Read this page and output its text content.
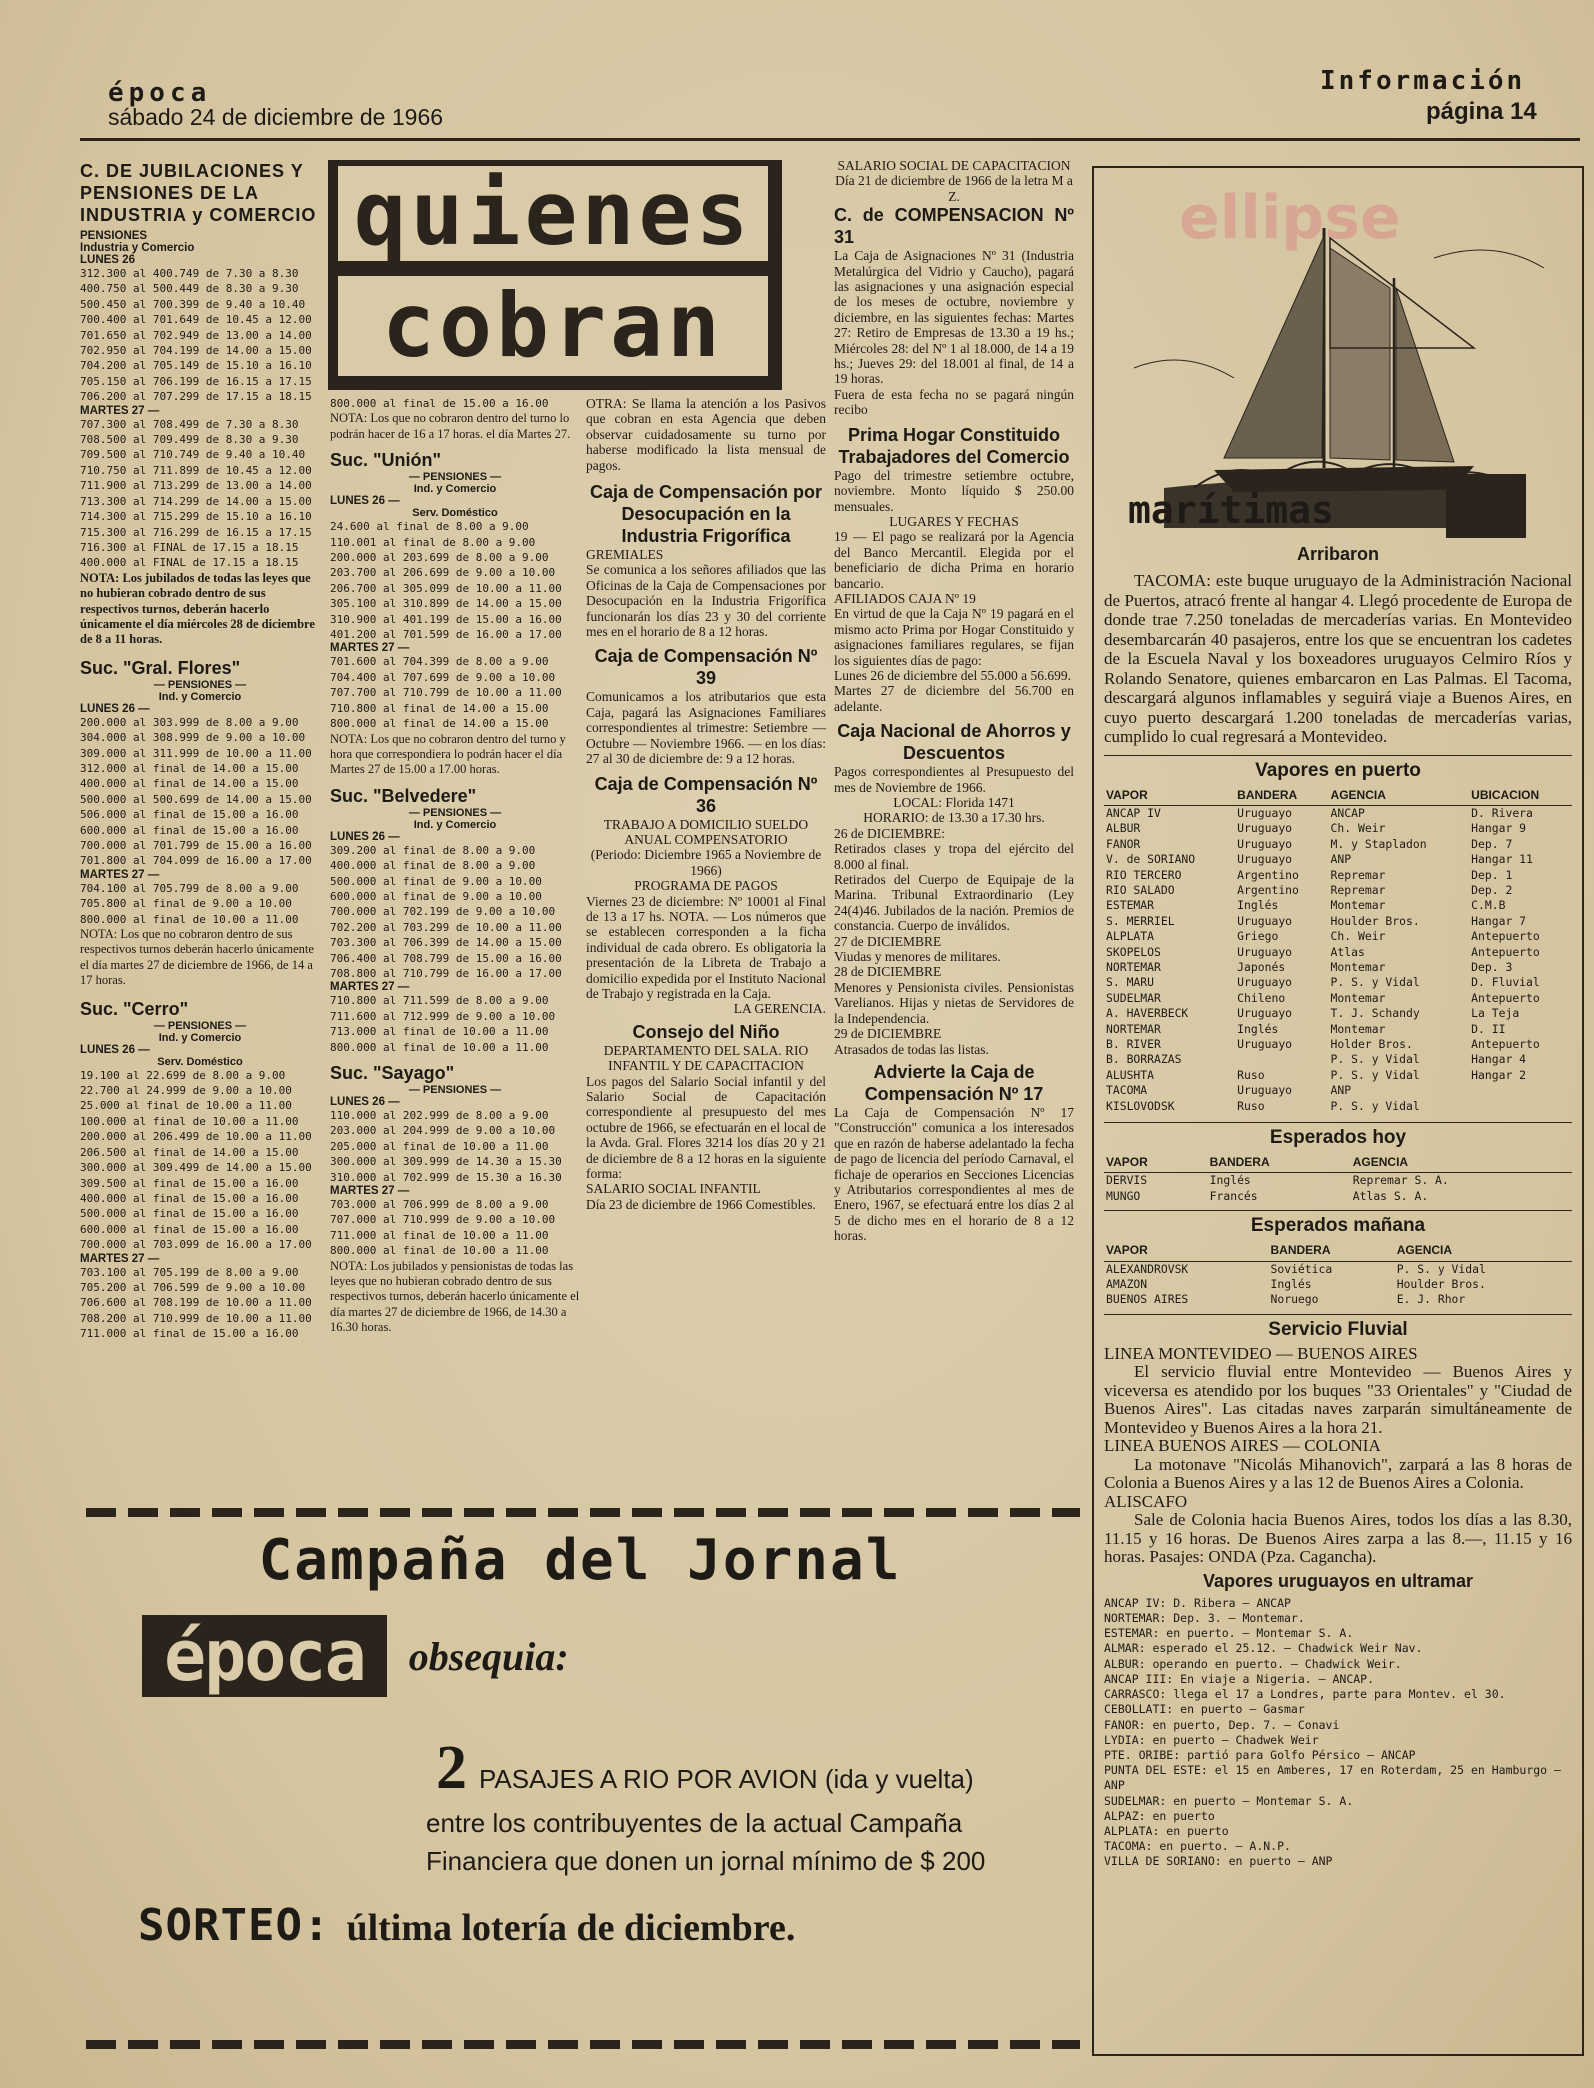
época
sábado 24 de diciembre de 1966
Información
página 14
C. DE JUBILACIONES Y PENSIONES DE LA INDUSTRIA y COMERCIO
PENSIONES
Industria y Comercio
LUNES 26
312.300 al 400.749 de 7.30 a 8.30
400.750 al 500.449 de 8.30 a 9.30
500.450 al 700.399 de 9.40 a 10.40
700.400 al 701.649 de 10.45 a 12.00
701.650 al 702.949 de 13.00 a 14.00
702.950 al 704.199 de 14.00 a 15.00
704.200 al 705.149 de 15.10 a 16.10
705.150 al 706.199 de 16.15 a 17.15
706.200 al 707.299 de 17.15 a 18.15
MARTES 27 —
707.300 al 708.499 de 7.30 a 8.30
708.500 al 709.499 de 8.30 a 9.30
709.500 al 710.749 de 9.40 a 10.40
710.750 al 711.899 de 10.45 a 12.00
711.900 al 713.299 de 13.00 a 14.00
713.300 al 714.299 de 14.00 a 15.00
714.300 al 715.299 de 15.10 a 16.10
715.300 al 716.299 de 16.15 a 17.15
716.300 al FINAL de 17.15 a 18.15
400.000 al FINAL de 17.15 a 18.15
NOTA: Los jubilados de todas las leyes que no hubieran cobrado dentro de sus respectivos turnos, deberán hacerlo únicamente el día miércoles 28 de diciembre de 8 a 11 horas.
Suc. "Gral. Flores"
— PENSIONES —
Ind. y Comercio
LUNES 26 —
200.000 al 303.999 de 8.00 a 9.00
304.000 al 308.999 de 9.00 a 10.00
309.000 al 311.999 de 10.00 a 11.00
312.000 al final de 14.00 a 15.00
400.000 al final de 14.00 a 15.00
500.000 al 500.699 de 14.00 a 15.00
506.000 al final de 15.00 a 16.00
600.000 al final de 15.00 a 16.00
700.000 al 701.799 de 15.00 a 16.00
701.800 al 704.099 de 16.00 a 17.00
MARTES 27 —
704.100 al 705.799 de 8.00 a 9.00
705.800 al final de 9.00 a 10.00
800.000 al final de 10.00 a 11.00
NOTA: Los que no cobraron dentro de sus respectivos turnos deberán hacerlo únicamente el día martes 27 de diciembre de 1966, de 14 a 17 horas.
Suc. "Cerro"
— PENSIONES —
Ind. y Comercio
LUNES 26 —
Serv. Doméstico
19.100 al 22.699 de 8.00 a 9.00
22.700 al 24.999 de 9.00 a 10.00
25.000 al final de 10.00 a 11.00
100.000 al final de 10.00 a 11.00
200.000 al 206.499 de 10.00 a 11.00
206.500 al final de 14.00 a 15.00
300.000 al 309.499 de 14.00 a 15.00
309.500 al final de 15.00 a 16.00
400.000 al final de 15.00 a 16.00
500.000 al final de 15.00 a 16.00
600.000 al final de 15.00 a 16.00
700.000 al 703.099 de 16.00 a 17.00
MARTES 27 —
703.100 al 705.199 de 8.00 a 9.00
705.200 al 706.599 de 9.00 a 10.00
706.600 al 708.199 de 10.00 a 11.00
708.200 al 710.999 de 10.00 a 11.00
711.000 al final de 15.00 a 16.00
quienes
cobran
800.000 al final de 15.00 a 16.00
NOTA: Los que no cobraron dentro del turno lo podrán hacer de 16 a 17 horas. el día Martes 27.
Suc. "Unión"
— PENSIONES —
Ind. y Comercio
LUNES 26 —
Serv. Doméstico
24.600 al final de 8.00 a 9.00
110.001 al final de 8.00 a 9.00
200.000 al 203.699 de 8.00 a 9.00
203.700 al 206.699 de 9.00 a 10.00
206.700 al 305.099 de 10.00 a 11.00
305.100 al 310.899 de 14.00 a 15.00
310.900 al 401.199 de 15.00 a 16.00
401.200 al 701.599 de 16.00 a 17.00
MARTES 27 —
701.600 al 704.399 de 8.00 a 9.00
704.400 al 707.699 de 9.00 a 10.00
707.700 al 710.799 de 10.00 a 11.00
710.800 al final de 14.00 a 15.00
800.000 al final de 14.00 a 15.00
NOTA: Los que no cobraron dentro del turno y hora que correspondiera lo podrán hacer el día Martes 27 de 15.00 a 17.00 horas.
Suc. "Belvedere"
— PENSIONES —
Ind. y Comercio
LUNES 26 —
309.200 al final de 8.00 a 9.00
400.000 al final de 8.00 a 9.00
500.000 al final de 9.00 a 10.00
600.000 al final de 9.00 a 10.00
700.000 al 702.199 de 9.00 a 10.00
702.200 al 703.299 de 10.00 a 11.00
703.300 al 706.399 de 14.00 a 15.00
706.400 al 708.799 de 15.00 a 16.00
708.800 al 710.799 de 16.00 a 17.00
MARTES 27 —
710.800 al 711.599 de 8.00 a 9.00
711.600 al 712.999 de 9.00 a 10.00
713.000 al final de 10.00 a 11.00
800.000 al final de 10.00 a 11.00
Suc. "Sayago"
— PENSIONES —
LUNES 26 —
110.000 al 202.999 de 8.00 a 9.00
203.000 al 204.999 de 9.00 a 10.00
205.000 al final de 10.00 a 11.00
300.000 al 309.999 de 14.30 a 15.30
310.000 al 702.999 de 15.30 a 16.30
MARTES 27 —
703.000 al 706.999 de 8.00 a 9.00
707.000 al 710.999 de 9.00 a 10.00
711.000 al final de 10.00 a 11.00
800.000 al final de 10.00 a 11.00
NOTA: Los jubilados y pensionistas de todas las leyes que no hubieran cobrado dentro de sus respectivos turnos, deberán hacerlo únicamente el día martes 27 de diciembre de 1966, de 14.30 a 16.30 horas.
OTRA: Se llama la atención a los Pasivos que cobran en esta Agencia que deben observar cuidadosamente su turno por haberse modificado la lista mensual de pagos.
Caja de Compensación por Desocupación en la Industria Frigorífica
GREMIALES
Se comunica a los señores afiliados que las Oficinas de la Caja de Compensaciones por Desocupación en la Industria Frigorífica funcionarán los días 23 y 30 del corriente mes en el horario de 8 a 12 horas.
Caja de Compensación Nº 39
Comunicamos a los atributarios que esta Caja, pagará las Asignaciones Familiares correspondientes al trimestre: Setiembre — Octubre — Noviembre 1966. — en los días: 27 al 30 de diciembre de: 9 a 12 horas.
Caja de Compensación Nº 36
TRABAJO A DOMICILIO SUELDO ANUAL COMPENSATORIO
(Periodo: Diciembre 1965 a Noviembre de 1966)
PROGRAMA DE PAGOS
Viernes 23 de diciembre: Nº 10001 al Final de 13 a 17 hs. NOTA. — Los números que se establecen corresponden a la ficha individual de cada obrero. Es obligatoria la presentación de la Libreta de Trabajo a domicilio expedida por el Instituto Nacional de Trabajo y registrada en la Caja.
LA GERENCIA.
Consejo del Niño
DEPARTAMENTO DEL SALA. RIO INFANTIL Y DE CAPACITACION
Los pagos del Salario Social infantil y del Salario Social de Capacitación correspondiente al presupuesto del mes octubre de 1966, se efectuarán en el local de la Avda. Gral. Flores 3214 los días 20 y 21 de diciembre de 8 a 12 horas en la siguiente forma:
SALARIO SOCIAL INFANTIL
Día 23 de diciembre de 1966 Comestibles.
SALARIO SOCIAL DE CAPACITACION
Día 21 de diciembre de 1966 de la letra M a Z.
C. de COMPENSACION Nº 31
La Caja de Asignaciones Nº 31 (Industria Metalúrgica del Vidrio y Caucho), pagará las asignaciones y una asignación especial de los meses de octubre, noviembre y diciembre, en las siguientes fechas: Martes 27: Retiro de Empresas de 13.30 a 19 hs.; Miércoles 28: del Nº 1 al 18.000, de 14 a 19 hs.; Jueves 29: del 18.001 al final, de 14 a 19 horas.
Fuera de esta fecha no se pagará ningún recibo
Prima Hogar Constituido Trabajadores del Comercio
Pago del trimestre setiembre octubre, noviembre. Monto líquido $ 250.00 mensuales.
LUGARES Y FECHAS
19 — El pago se realizará por la Agencia del Banco Mercantil. Elegida por el beneficiario de dicha Prima en horario bancario.
AFILIADOS CAJA Nº 19
En virtud de que la Caja Nº 19 pagará en el mismo acto Prima por Hogar Constituido y asignaciones familiares regulares, se fijan los siguientes días de pago:
Lunes 26 de diciembre del 55.000 a 56.699.
Martes 27 de diciembre del 56.700 en adelante.
Caja Nacional de Ahorros y Descuentos
Pagos correspondientes al Presupuesto del mes de Noviembre de 1966.
LOCAL: Florida 1471
HORARIO: de 13.30 a 17.30 hrs.
26 de DICIEMBRE:
Retirados clases y tropa del ejército del 8.000 al final.
Retirados del Cuerpo de Equipaje de la Marina. Tribunal Extraordinario (Ley 24(4)46. Jubilados de la nación. Premios de constancia. Cuerpo de inválidos.
27 de DICIEMBRE
Viudas y menores de militares.
28 de DICIEMBRE
Menores y Pensionista civiles. Pensionistas Varelianos. Hijas y nietas de Servidores de la Independencia.
29 de DICIEMBRE
Atrasados de todas las listas.
Advierte la Caja de Compensación Nº 17
La Caja de Compensación Nº 17 "Construcción" comunica a los interesados que en razón de haberse adelantado la fecha de pago de licencia del período Carnaval, el fichaje de operarios en Secciones Licencias y Atributarios correspondientes al mes de Enero, 1967, se efectuará entre los días 2 al 5 de dicho mes en el horario de 8 a 12 horas.
Campaña del Jornal
época	obsequia:
2 PASAJES A RIO POR AVION (ida y vuelta)
entre los contribuyentes de la actual Campaña
Financiera que donen un jornal mínimo de $ 200
SORTEO: última lotería de diciembre.
ellipse
marítimas
Arribaron
TACOMA: este buque uruguayo de la Administración Nacional de Puertos, atracó frente al hangar 4. Llegó procedente de Europa de donde trae 7.250 toneladas de mercaderías varias. En Montevideo desembarcarán 40 pasajeros, entre los que se encuentran los cadetes de la Escuela Naval y los boxeadores uruguayos Celmiro Ríos y Rolando Senatore, quienes embarcaron en Las Palmas. El Tacoma, descargará algunos inflamables y seguirá viaje a Buenos Aires, en cuyo puerto descargará 1.200 toneladas de mercaderías varias, cumplido lo cual regresará a Montevideo.
Vapores en puerto
VAPOR	BANDERA	AGENCIA	UBICACION
ANCAP IV	Uruguayo	ANCAP	D. Rivera
ALBUR	Uruguayo	Ch. Weir	Hangar 9
FANOR	Uruguayo	M. y Stapladon	Dep. 7
V. de SORIANO	Uruguayo	ANP	Hangar 11
RIO TERCERO	Argentino	Repremar	Dep. 1
RIO SALADO	Argentino	Repremar	Dep. 2
ESTEMAR	Inglés	Montemar	C.M.B
S. MERRIEL	Uruguayo	Houlder Bros.	Hangar 7
ALPLATA	Griego	Ch. Weir	Antepuerto
SKOPELOS	Uruguayo	Atlas	Antepuerto
NORTEMAR	Japonés	Montemar	Dep. 3
S. MARU	Uruguayo	P. S. y Vidal	D. Fluvial
SUDELMAR	Chileno	Montemar	Antepuerto
A. HAVERBECK	Uruguayo	T. J. Schandy	La Teja
NORTEMAR	Inglés	Montemar	D. II
B. RIVER	Uruguayo	Holder Bros.	Antepuerto
B. BORRAZAS		P. S. y Vidal	Hangar 4
ALUSHTA	Ruso	P. S. y Vidal	Hangar 2
TACOMA	Uruguayo	ANP	
KISLOVODSK	Ruso	P. S. y Vidal	
Esperados hoy
VAPOR	BANDERA	AGENCIA
DERVIS	Inglés	Repremar S. A.
MUNGO	Francés	Atlas S. A.
Esperados mañana
VAPOR	BANDERA	AGENCIA
ALEXANDROVSK	Soviética	P. S. y Vidal
AMAZON	Inglés	Houlder Bros.
BUENOS AIRES	Noruego	E. J. Rhor
Servicio Fluvial
LINEA MONTEVIDEO — BUENOS AIRES
El servicio fluvial entre Montevideo — Buenos Aires y viceversa es atendido por los buques "33 Orientales" y "Ciudad de Buenos Aires". Las citadas naves zarparán simultáneamente de Montevideo y Buenos Aires a la hora 21.
LINEA BUENOS AIRES — COLONIA
La motonave "Nicolás Mihanovich", zarpará a las 8 horas de Colonia a Buenos Aires y a las 12 de Buenos Aires a Colonia.
ALISCAFO
Sale de Colonia hacia Buenos Aires, todos los días a las 8.30, 11.15 y 16 horas. De Buenos Aires zarpa a las 8.—, 11.15 y 16 horas. Pasajes: ONDA (Pza. Cagancha).
Vapores uruguayos en ultramar
ANCAP IV: D. Ribera — ANCAP
NORTEMAR: Dep. 3. — Montemar.
ESTEMAR: en puerto. — Montemar S. A.
ALMAR: esperado el 25.12. — Chadwick Weir Nav.
ALBUR: operando en puerto. — Chadwick Weir.
ANCAP III: En viaje a Nigeria. — ANCAP.
CARRASCO: llega el 17 a Londres, parte para Montev. el 30.
CEBOLLATI: en puerto — Gasmar
FANOR: en puerto, Dep. 7. — Conavi
LYDIA: en puerto — Chadwek Weir
PTE. ORIBE: partió para Golfo Pérsico — ANCAP
PUNTA DEL ESTE: el 15 en Amberes, 17 en Roterdam, 25 en Hamburgo — ANP
SUDELMAR: en puerto — Montemar S. A.
ALPAZ: en puerto
ALPLATA: en puerto
TACOMA: en puerto. — A.N.P.
VILLA DE SORIANO: en puerto — ANP
